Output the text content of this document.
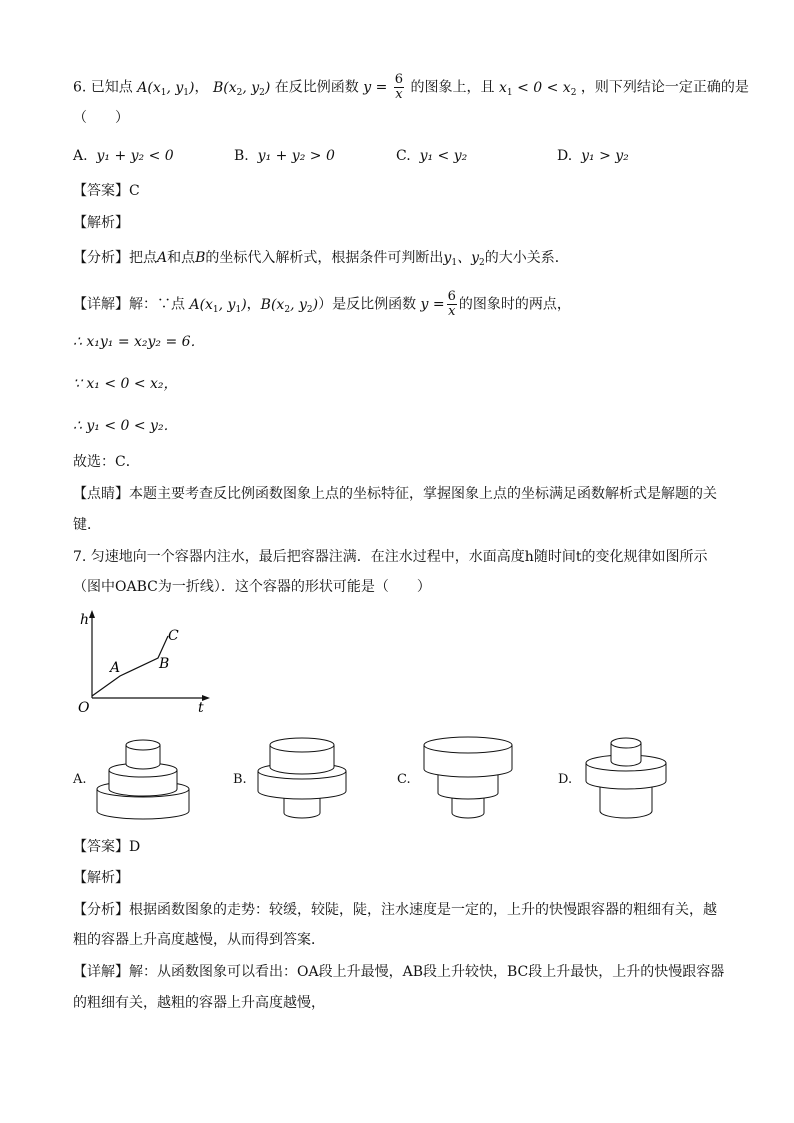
6. 已知点 $A(x_1$, $y_1$)， $B(x_2$, $y_2$) 在反比例函数 $y = \frac{6}{x}$ 的图象上，且 $x_1 < 0 < x_2$ ，则下列结论一定正确的是
（　　）
A. y₁ + y₂ < 0	B. y₁ + y₂ > 0	C. y₁ < y₂	D. y₁ > y₂
【答案】C
【解析】
【分析】把点A和点B的坐标代入解析式，根据条件可判断出$y_1$、$y_2$的大小关系．
【详解】解：∵点 $A(x_1$, $y_1$)，$B(x_2$, $y_2$)）是反比例函数 $y = \frac{6}{x}$ 的图象时的两点，
∴ x₁y₁ = x₂y₂ = 6．
∵ x₁ < 0 < x₂，
∴ y₁ < 0 < y₂．
故选：C．
【点睛】本题主要考查反比例函数图象上点的坐标特征，掌握图象上点的坐标满足函数解析式是解题的关
键．
7. 匀速地向一个容器内注水，最后把容器注满．在注水过程中，水面高度h随时间t的变化规律如图所示
（图中OABC为一折线）．这个容器的形状可能是（　　）
h
t
O
A	B
C
A.	B.	C.	D.
【答案】D
【解析】
【分析】根据函数图象的走势：较缓，较陡，陡，注水速度是一定的，上升的快慢跟容器的粗细有关，越
粗的容器上升高度越慢，从而得到答案．
【详解】解：从函数图象可以看出：OA段上升最慢，AB段上升较快，BC段上升最快，上升的快慢跟容器
的粗细有关，越粗的容器上升高度越慢，
